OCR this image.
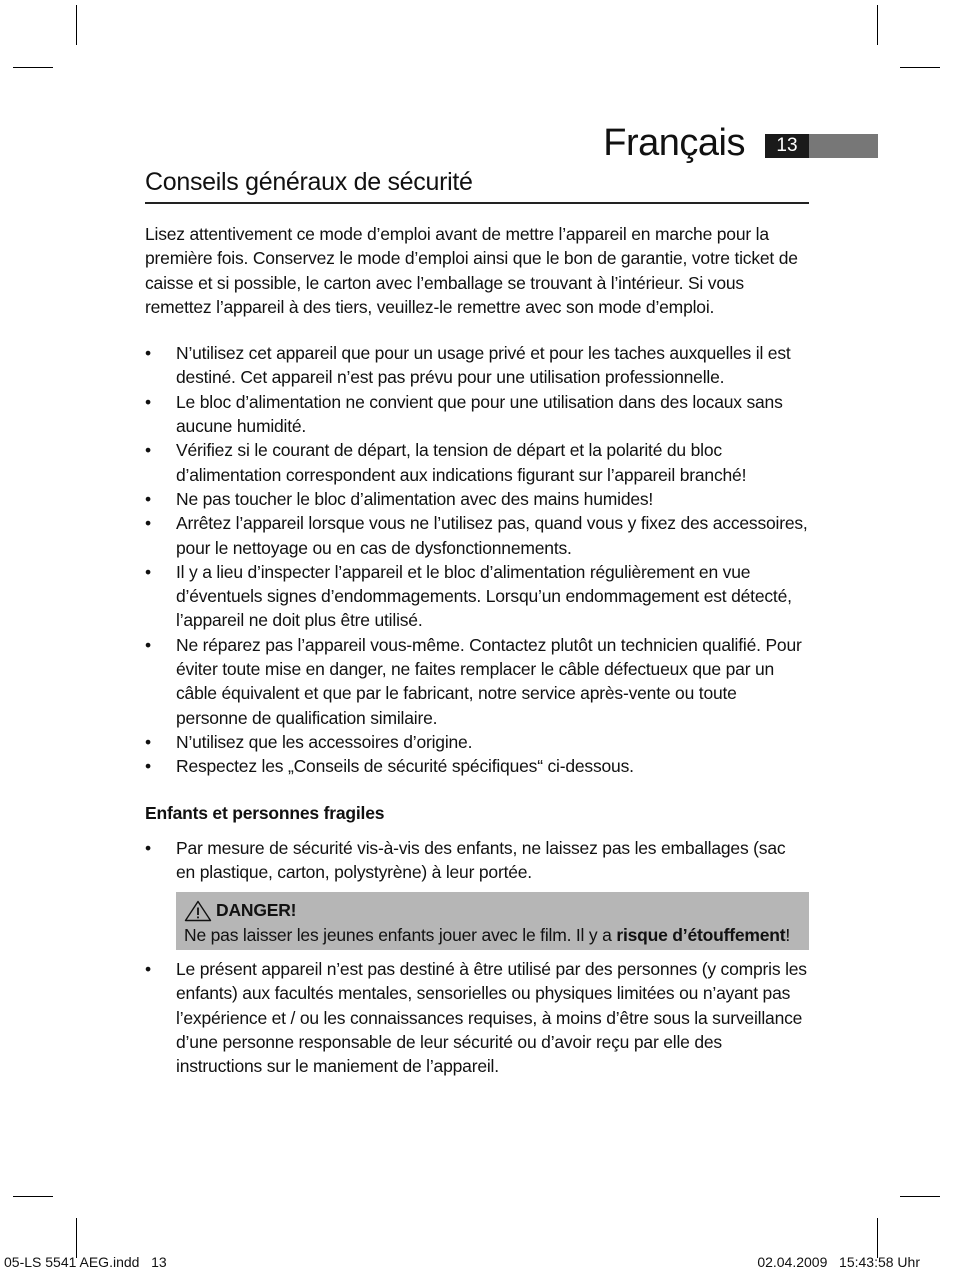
Français	13
Conseils généraux de sécurité

Lisez attentivement ce mode d’emploi avant de mettre l’appareil en marche pour la première fois. Conservez le mode d’emploi ainsi que le bon de garantie, votre ticket de caisse et si possible, le carton avec l’emballage se trouvant à l’intérieur. Si vous remettez l’appareil à des tiers, veuillez-le remettre avec son mode d’emploi.

• N’utilisez cet appareil que pour un usage privé et pour les taches auxquelles il est destiné. Cet appareil n’est pas prévu pour une utilisation professionnelle.
• Le bloc d’alimentation ne convient que pour une utilisation dans des locaux sans aucune humidité.
• Vérifiez si le courant de départ, la tension de départ et la polarité du bloc d’alimentation correspondent aux indications figurant sur l’appareil branché!
• Ne pas toucher le bloc d’alimentation avec des mains humides!
• Arrêtez l’appareil lorsque vous ne l’utilisez pas, quand vous y fixez des accessoires, pour le nettoyage ou en cas de dysfonctionnements.
• Il y a lieu d’inspecter l’appareil et le bloc d’alimentation régulièrement en vue d’éventuels signes d’endommagements. Lorsqu’un endommagement est détecté, l’appareil ne doit plus être utilisé.
• Ne réparez pas l’appareil vous-même. Contactez plutôt un technicien qualifié. Pour éviter toute mise en danger, ne faites remplacer le câble défectueux que par un câble équivalent et que par le fabricant, notre service après-vente ou toute personne de qualification similaire.
• N’utilisez que les accessoires d’origine.
• Respectez les „Conseils de sécurité spécifiques“ ci-dessous.

Enfants et personnes fragiles

• Par mesure de sécurité vis-à-vis des enfants, ne laissez pas les emballages (sac en plastique, carton, polystyrène) à leur portée.
DANGER!
Ne pas laisser les jeunes enfants jouer avec le film. Il y a risque d’étouffement!
• Le présent appareil n’est pas destiné à être utilisé par des personnes (y compris les enfants) aux facultés mentales, sensorielles ou physiques limitées ou n’ayant pas l’expérience et / ou les connaissances requises, à moins d’être sous la surveillance d’une personne responsable de leur sécurité ou d’avoir reçu par elle des instructions sur le maniement de l’appareil.
05-LS 5541 AEG.indd   13	02.04.2009   15:43:58 Uhr
